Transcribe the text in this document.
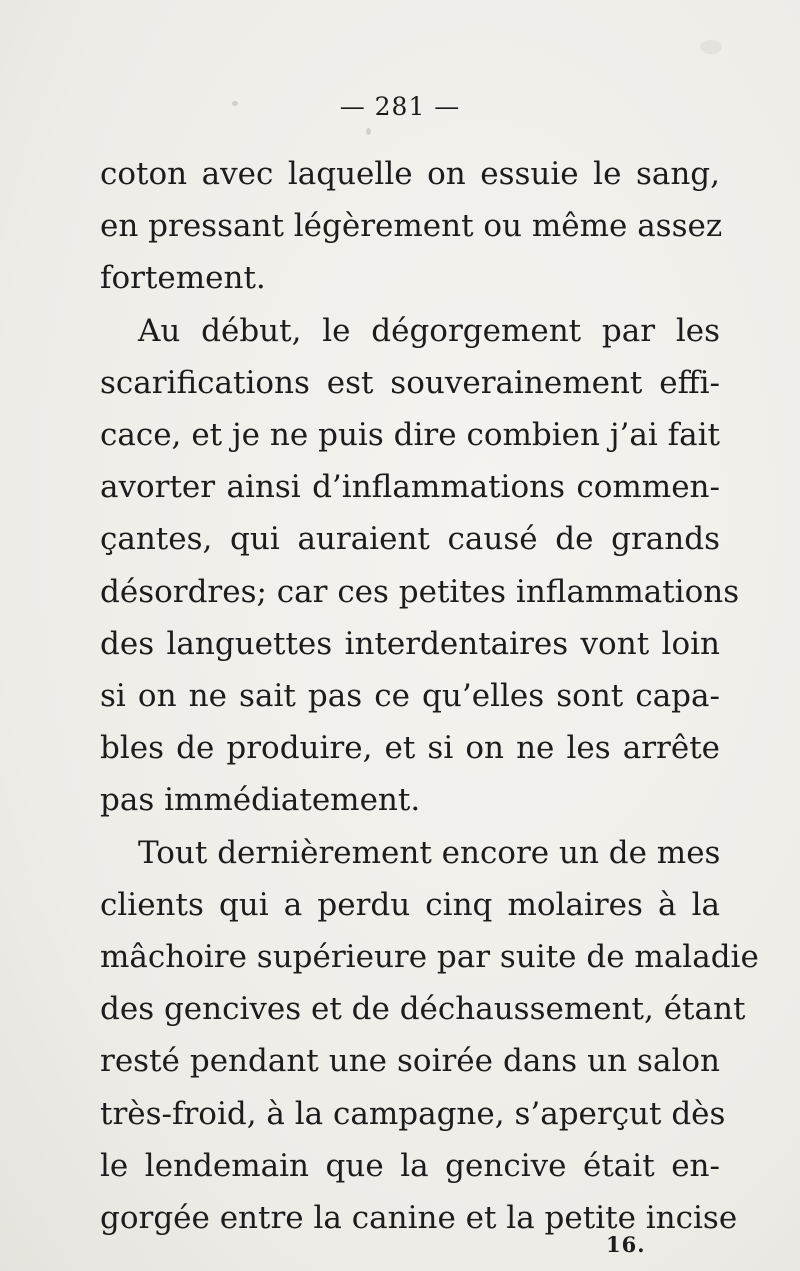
— 281 —
coton avec laquelle on essuie le sang,
en pressant légèrement ou même assez
fortement.
Au début, le dégorgement par les
scarifications est souverainement effi-
cace, et je ne puis dire combien j’ai fait
avorter ainsi d’inflammations commen-
çantes, qui auraient causé de grands
désordres; car ces petites inflammations
des languettes interdentaires vont loin
si on ne sait pas ce qu’elles sont capa-
bles de produire, et si on ne les arrête
pas immédiatement.
Tout dernièrement encore un de mes
clients qui a perdu cinq molaires à la
mâchoire supérieure par suite de maladie
des gencives et de déchaussement, étant
resté pendant une soirée dans un salon
très-froid, à la campagne, s’aperçut dès
le lendemain que la gencive était en-
gorgée entre la canine et la petite incise
16.
